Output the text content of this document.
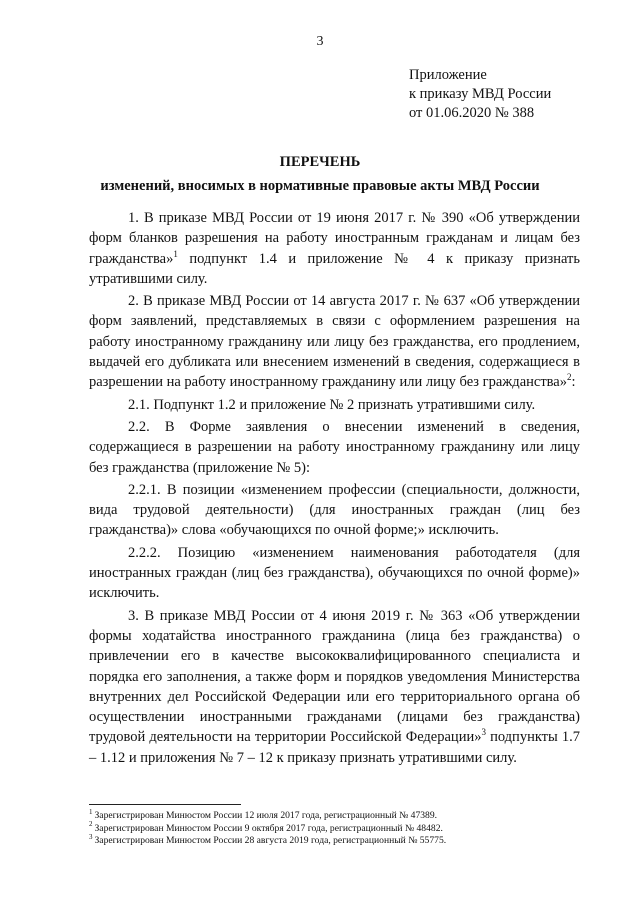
3
Приложение
к приказу МВД России
от 01.06.2020 № 388
ПЕРЕЧЕНЬ
изменений, вносимых в нормативные правовые акты МВД России

1. В приказе МВД России от 19 июня 2017 г. № 390 «Об утверждении форм бланков разрешения на работу иностранным гражданам и лицам без гражданства»$^1$ подпункт 1.4 и приложение № 4 к приказу признать утратившими силу.

2. В приказе МВД России от 14 августа 2017 г. № 637 «Об утверждении форм заявлений, представляемых в связи с оформлением разрешения на работу иностранному гражданину или лицу без гражданства, его продлением, выдачей его дубликата или внесением изменений в сведения, содержащиеся в разрешении на работу иностранному гражданину или лицу без гражданства»$^2$:

2.1. Подпункт 1.2 и приложение № 2 признать утратившими силу.

2.2. В Форме заявления о внесении изменений в сведения, содержащиеся в разрешении на работу иностранному гражданину или лицу без гражданства (приложение № 5):

2.2.1. В позиции «изменением профессии (специальности, должности, вида трудовой деятельности) (для иностранных граждан (лиц без гражданства)» слова «обучающихся по очной форме;» исключить.

2.2.2. Позицию «изменением наименования работодателя (для иностранных граждан (лиц без гражданства), обучающихся по очной форме)» исключить.

3. В приказе МВД России от 4 июня 2019 г. № 363 «Об утверждении формы ходатайства иностранного гражданина (лица без гражданства) о привлечении его в качестве высококвалифицированного специалиста и порядка его заполнения, а также форм и порядков уведомления Министерства внутренних дел Российской Федерации или его территориального органа об осуществлении иностранными гражданами (лицами без гражданства) трудовой деятельности на территории Российской Федерации»$^3$ подпункты 1.7 – 1.12 и приложения № 7 – 12 к приказу признать утратившими силу.

$^1$ Зарегистрирован Минюстом России 12 июля 2017 года, регистрационный № 47389.
$^2$ Зарегистрирован Минюстом России 9 октября 2017 года, регистрационный № 48482.
$^3$ Зарегистрирован Минюстом России 28 августа 2019 года, регистрационный № 55775.
